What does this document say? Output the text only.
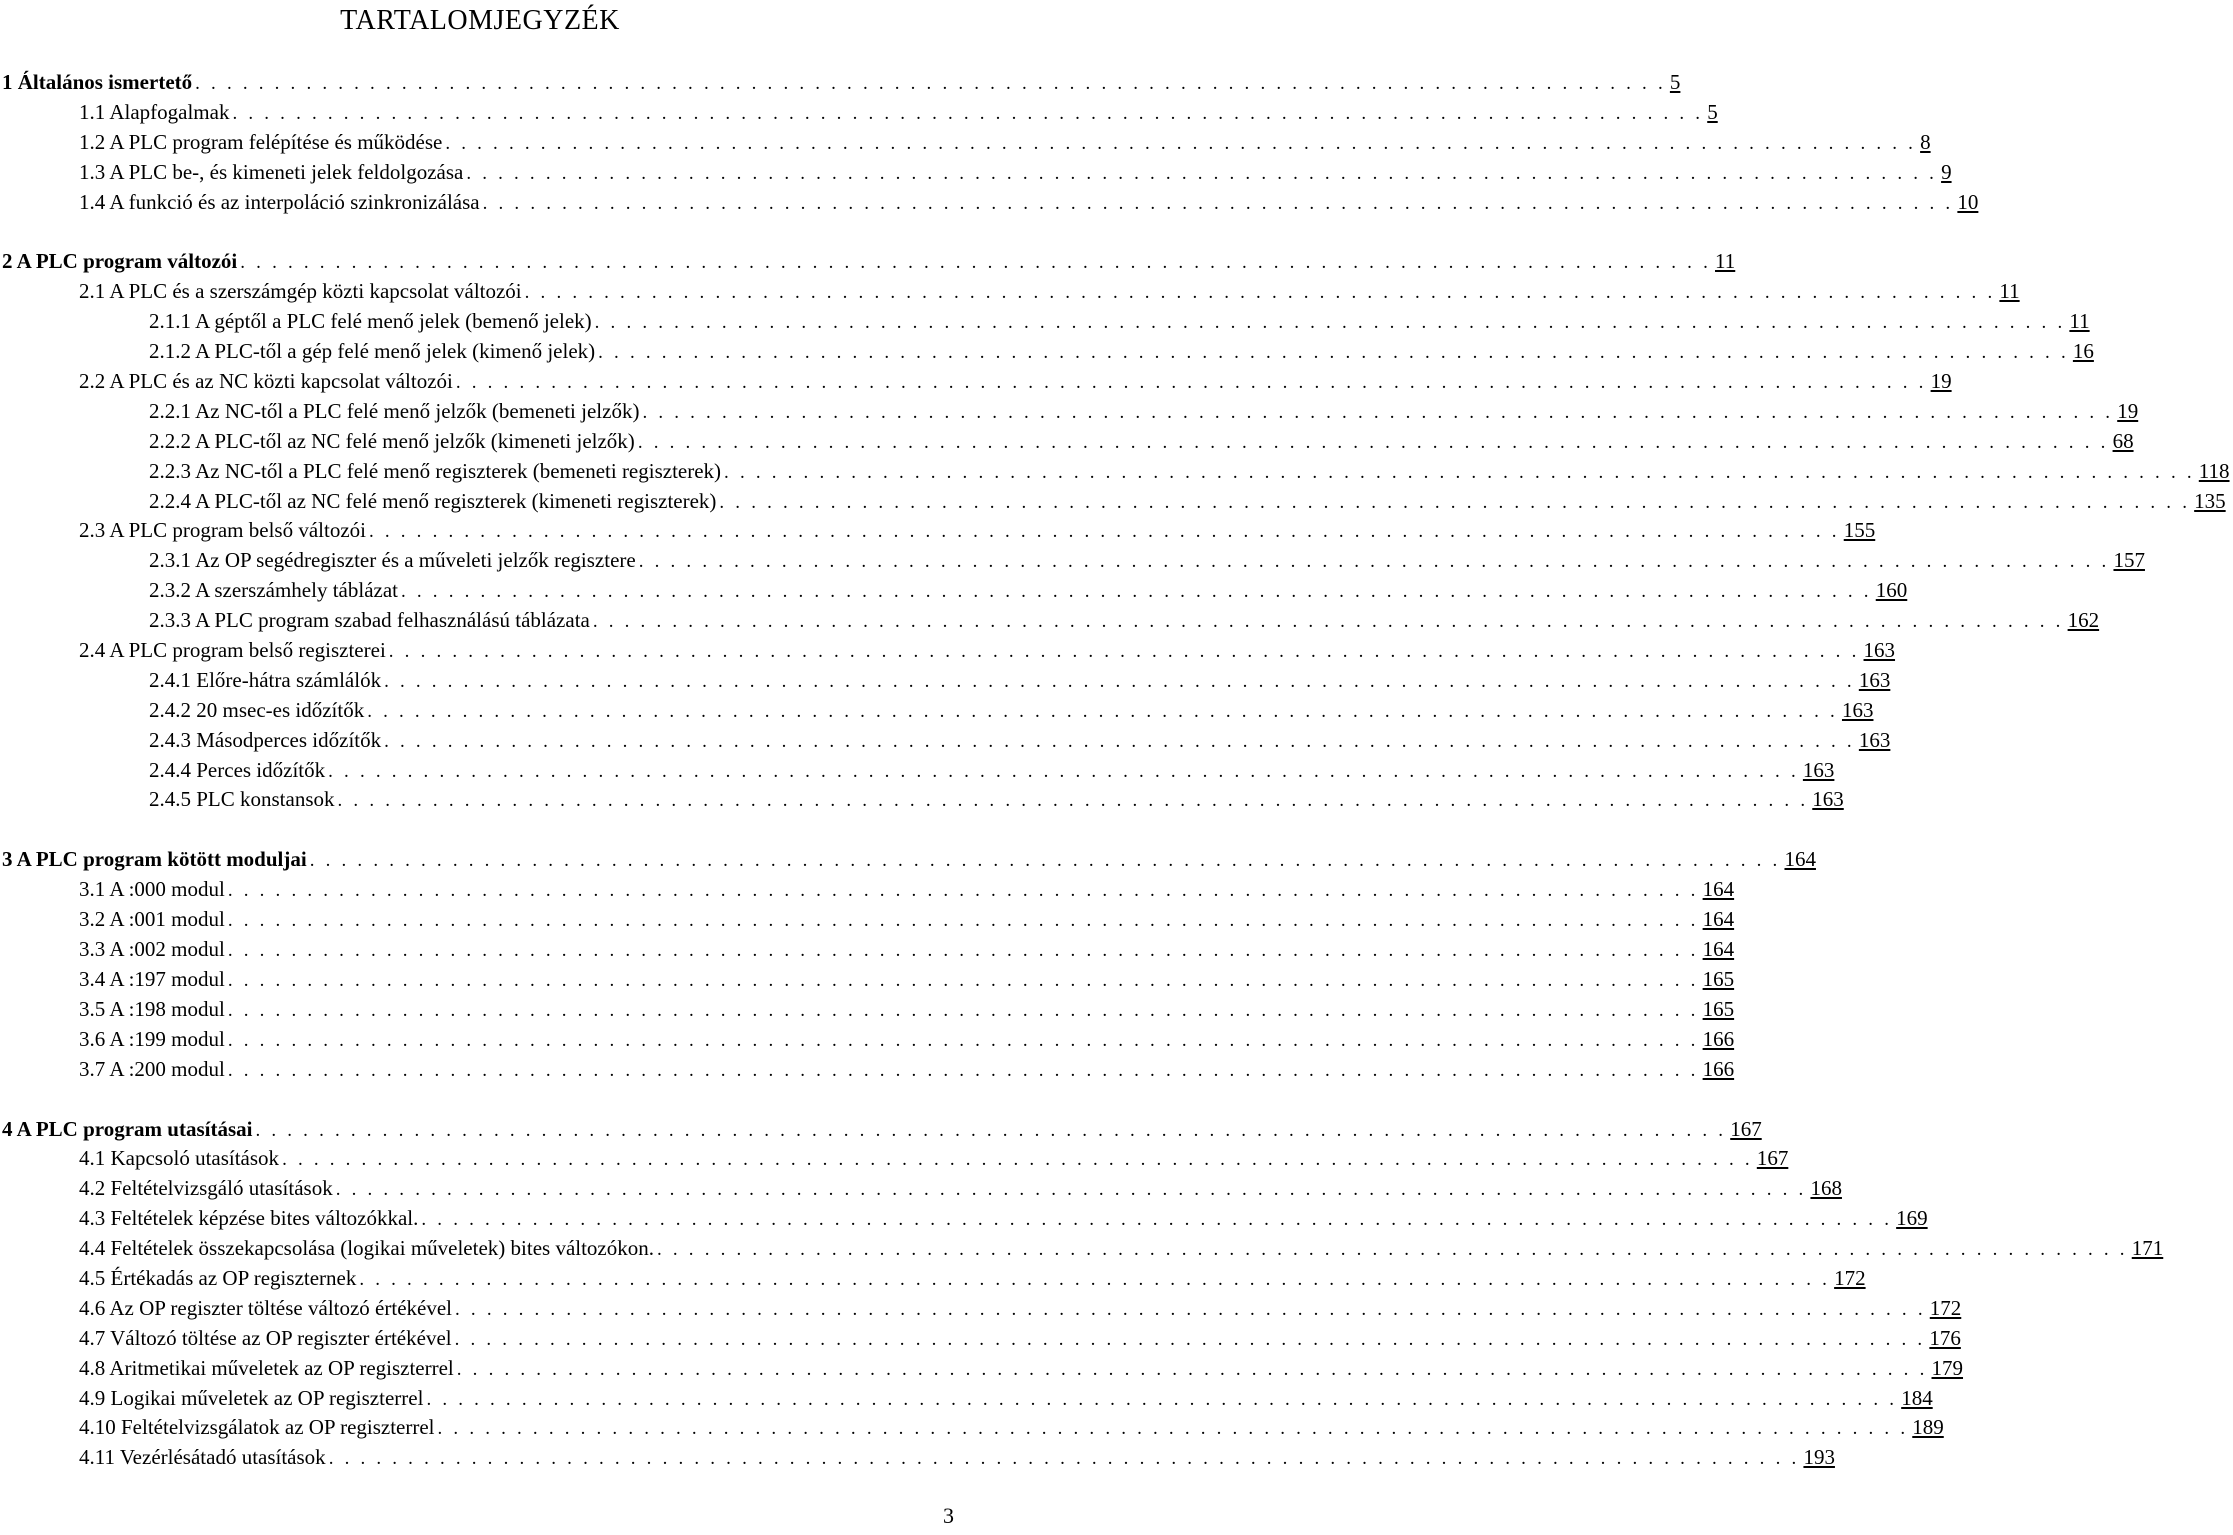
TARTALOMJEGYZÉK
1 Általános ismertető . . . . . . . . . . . . . . . . . . . . . . . . . . . . . . . . . . . . . . . . . . . . . . . . . . . . . . . . . . . . . . . . . . . . . . . . . . . . . . . . . . . . . . . . . . . . . 5
1.1 Alapfogalmak . . . . . . . . . . . . . . . . . . . . . . . . . . . . . . . . . . . . . . . . . . . . . . . . . . . . . . . . . . . . . . . . . . . . . . . . . . . . . . . . . . . . . . . . . . . . . 5
1.2 A PLC program felépítése és működése . . . . . . . . . . . . . . . . . . . . . . . . . . . . . . . . . . . . . . . . . . . . . . . . . . . . . . . . . . . . . . . . . . . . . . . . . . . . . . . . . . . . . . . . . . . . . 8
1.3 A PLC be-, és kimeneti jelek feldolgozása . . . . . . . . . . . . . . . . . . . . . . . . . . . . . . . . . . . . . . . . . . . . . . . . . . . . . . . . . . . . . . . . . . . . . . . . . . . . . . . . . . . . . . . . . . . . . 9
1.4 A funkció és az interpoláció szinkronizálása . . . . . . . . . . . . . . . . . . . . . . . . . . . . . . . . . . . . . . . . . . . . . . . . . . . . . . . . . . . . . . . . . . . . . . . . . . . . . . . . . . . . . . . . . . . . . 10
2 A PLC program változói . . . . . . . . . . . . . . . . . . . . . . . . . . . . . . . . . . . . . . . . . . . . . . . . . . . . . . . . . . . . . . . . . . . . . . . . . . . . . . . . . . . . . . . . . . . . . 11
2.1 A PLC és a szerszámgép közti kapcsolat változói . . . . . . . . . . . . . . . . . . . . . . . . . . . . . . . . . . . . . . . . . . . . . . . . . . . . . . . . . . . . . . . . . . . . . . . . . . . . . . . . . . . . . . . . . . . . . 11
2.1.1 A géptől a PLC felé menő jelek (bemenő jelek) . . . . . . . . . . . . . . . . . . . . . . . . . . . . . . . . . . . . . . . . . . . . . . . . . . . . . . . . . . . . . . . . . . . . . . . . . . . . . . . . . . . . . . . . . . . . . 11
2.1.2 A PLC-től a gép felé menő jelek (kimenő jelek) . . . . . . . . . . . . . . . . . . . . . . . . . . . . . . . . . . . . . . . . . . . . . . . . . . . . . . . . . . . . . . . . . . . . . . . . . . . . . . . . . . . . . . . . . . . . . 16
2.2 A PLC és az NC közti kapcsolat változói . . . . . . . . . . . . . . . . . . . . . . . . . . . . . . . . . . . . . . . . . . . . . . . . . . . . . . . . . . . . . . . . . . . . . . . . . . . . . . . . . . . . . . . . . . . . . 19
2.2.1 Az NC-től a PLC felé menő jelzők (bemeneti jelzők) . . . . . . . . . . . . . . . . . . . . . . . . . . . . . . . . . . . . . . . . . . . . . . . . . . . . . . . . . . . . . . . . . . . . . . . . . . . . . . . . . . . . . . . . . . . . . 19
2.2.2 A PLC-től az NC felé menő jelzők (kimeneti jelzők) . . . . . . . . . . . . . . . . . . . . . . . . . . . . . . . . . . . . . . . . . . . . . . . . . . . . . . . . . . . . . . . . . . . . . . . . . . . . . . . . . . . . . . . . . . . . . 68
2.2.3 Az NC-től a PLC felé menő regiszterek (bemeneti regiszterek) . . . . . . . . . . . . . . . . . . . . . . . . . . . . . . . . . . . . . . . . . . . . . . . . . . . . . . . . . . . . . . . . . . . . . . . . . . . . . . . . . . . . . . . . . . . . . 118
2.2.4 A PLC-től az NC felé menő regiszterek (kimeneti regiszterek) . . . . . . . . . . . . . . . . . . . . . . . . . . . . . . . . . . . . . . . . . . . . . . . . . . . . . . . . . . . . . . . . . . . . . . . . . . . . . . . . . . . . . . . . . . . . . 135
2.3 A PLC program belső változói . . . . . . . . . . . . . . . . . . . . . . . . . . . . . . . . . . . . . . . . . . . . . . . . . . . . . . . . . . . . . . . . . . . . . . . . . . . . . . . . . . . . . . . . . . . . . 155
2.3.1 Az OP segédregiszter és a műveleti jelzők regisztere . . . . . . . . . . . . . . . . . . . . . . . . . . . . . . . . . . . . . . . . . . . . . . . . . . . . . . . . . . . . . . . . . . . . . . . . . . . . . . . . . . . . . . . . . . . . . 157
2.3.2 A szerszámhely táblázat . . . . . . . . . . . . . . . . . . . . . . . . . . . . . . . . . . . . . . . . . . . . . . . . . . . . . . . . . . . . . . . . . . . . . . . . . . . . . . . . . . . . . . . . . . . . . 160
2.3.3 A PLC program szabad felhasználású táblázata . . . . . . . . . . . . . . . . . . . . . . . . . . . . . . . . . . . . . . . . . . . . . . . . . . . . . . . . . . . . . . . . . . . . . . . . . . . . . . . . . . . . . . . . . . . . . 162
2.4 A PLC program belső regiszterei . . . . . . . . . . . . . . . . . . . . . . . . . . . . . . . . . . . . . . . . . . . . . . . . . . . . . . . . . . . . . . . . . . . . . . . . . . . . . . . . . . . . . . . . . . . . . 163
2.4.1 Előre-hátra számlálók . . . . . . . . . . . . . . . . . . . . . . . . . . . . . . . . . . . . . . . . . . . . . . . . . . . . . . . . . . . . . . . . . . . . . . . . . . . . . . . . . . . . . . . . . . . . . 163
2.4.2 20 msec-es időzítők . . . . . . . . . . . . . . . . . . . . . . . . . . . . . . . . . . . . . . . . . . . . . . . . . . . . . . . . . . . . . . . . . . . . . . . . . . . . . . . . . . . . . . . . . . . . . 163
2.4.3 Másodperces időzítők . . . . . . . . . . . . . . . . . . . . . . . . . . . . . . . . . . . . . . . . . . . . . . . . . . . . . . . . . . . . . . . . . . . . . . . . . . . . . . . . . . . . . . . . . . . . . 163
2.4.4 Perces időzítők . . . . . . . . . . . . . . . . . . . . . . . . . . . . . . . . . . . . . . . . . . . . . . . . . . . . . . . . . . . . . . . . . . . . . . . . . . . . . . . . . . . . . . . . . . . . . 163
2.4.5 PLC konstansok . . . . . . . . . . . . . . . . . . . . . . . . . . . . . . . . . . . . . . . . . . . . . . . . . . . . . . . . . . . . . . . . . . . . . . . . . . . . . . . . . . . . . . . . . . . . . 163
3 A PLC program kötött moduljai . . . . . . . . . . . . . . . . . . . . . . . . . . . . . . . . . . . . . . . . . . . . . . . . . . . . . . . . . . . . . . . . . . . . . . . . . . . . . . . . . . . . . . . . . . . . . 164
3.1 A :000 modul . . . . . . . . . . . . . . . . . . . . . . . . . . . . . . . . . . . . . . . . . . . . . . . . . . . . . . . . . . . . . . . . . . . . . . . . . . . . . . . . . . . . . . . . . . . . . 164
3.2 A :001 modul . . . . . . . . . . . . . . . . . . . . . . . . . . . . . . . . . . . . . . . . . . . . . . . . . . . . . . . . . . . . . . . . . . . . . . . . . . . . . . . . . . . . . . . . . . . . . 164
3.3 A :002 modul . . . . . . . . . . . . . . . . . . . . . . . . . . . . . . . . . . . . . . . . . . . . . . . . . . . . . . . . . . . . . . . . . . . . . . . . . . . . . . . . . . . . . . . . . . . . . 164
3.4 A :197 modul . . . . . . . . . . . . . . . . . . . . . . . . . . . . . . . . . . . . . . . . . . . . . . . . . . . . . . . . . . . . . . . . . . . . . . . . . . . . . . . . . . . . . . . . . . . . . 165
3.5 A :198 modul . . . . . . . . . . . . . . . . . . . . . . . . . . . . . . . . . . . . . . . . . . . . . . . . . . . . . . . . . . . . . . . . . . . . . . . . . . . . . . . . . . . . . . . . . . . . . 165
3.6 A :199 modul . . . . . . . . . . . . . . . . . . . . . . . . . . . . . . . . . . . . . . . . . . . . . . . . . . . . . . . . . . . . . . . . . . . . . . . . . . . . . . . . . . . . . . . . . . . . . 166
3.7 A :200 modul . . . . . . . . . . . . . . . . . . . . . . . . . . . . . . . . . . . . . . . . . . . . . . . . . . . . . . . . . . . . . . . . . . . . . . . . . . . . . . . . . . . . . . . . . . . . . 166
4 A PLC program utasításai . . . . . . . . . . . . . . . . . . . . . . . . . . . . . . . . . . . . . . . . . . . . . . . . . . . . . . . . . . . . . . . . . . . . . . . . . . . . . . . . . . . . . . . . . . . . . 167
4.1 Kapcsoló utasítások . . . . . . . . . . . . . . . . . . . . . . . . . . . . . . . . . . . . . . . . . . . . . . . . . . . . . . . . . . . . . . . . . . . . . . . . . . . . . . . . . . . . . . . . . . . . . 167
4.2 Feltételvizsgáló utasítások . . . . . . . . . . . . . . . . . . . . . . . . . . . . . . . . . . . . . . . . . . . . . . . . . . . . . . . . . . . . . . . . . . . . . . . . . . . . . . . . . . . . . . . . . . . . . 168
4.3 Feltételek képzése bites változókkal. . . . . . . . . . . . . . . . . . . . . . . . . . . . . . . . . . . . . . . . . . . . . . . . . . . . . . . . . . . . . . . . . . . . . . . . . . . . . . . . . . . . . . . . . . . . . . 169
4.4 Feltételek összekapcsolása (logikai műveletek) bites változókon. . . . . . . . . . . . . . . . . . . . . . . . . . . . . . . . . . . . . . . . . . . . . . . . . . . . . . . . . . . . . . . . . . . . . . . . . . . . . . . . . . . . . . . . . . . . . . 171
4.5 Értékadás az OP regiszternek . . . . . . . . . . . . . . . . . . . . . . . . . . . . . . . . . . . . . . . . . . . . . . . . . . . . . . . . . . . . . . . . . . . . . . . . . . . . . . . . . . . . . . . . . . . . . 172
4.6 Az OP regiszter töltése változó értékével . . . . . . . . . . . . . . . . . . . . . . . . . . . . . . . . . . . . . . . . . . . . . . . . . . . . . . . . . . . . . . . . . . . . . . . . . . . . . . . . . . . . . . . . . . . . . 172
4.7 Változó töltése az OP regiszter értékével . . . . . . . . . . . . . . . . . . . . . . . . . . . . . . . . . . . . . . . . . . . . . . . . . . . . . . . . . . . . . . . . . . . . . . . . . . . . . . . . . . . . . . . . . . . . . 176
4.8 Aritmetikai műveletek az OP regiszterrel . . . . . . . . . . . . . . . . . . . . . . . . . . . . . . . . . . . . . . . . . . . . . . . . . . . . . . . . . . . . . . . . . . . . . . . . . . . . . . . . . . . . . . . . . . . . . 179
4.9 Logikai műveletek az OP regiszterrel . . . . . . . . . . . . . . . . . . . . . . . . . . . . . . . . . . . . . . . . . . . . . . . . . . . . . . . . . . . . . . . . . . . . . . . . . . . . . . . . . . . . . . . . . . . . . 184
4.10 Feltételvizsgálatok az OP regiszterrel . . . . . . . . . . . . . . . . . . . . . . . . . . . . . . . . . . . . . . . . . . . . . . . . . . . . . . . . . . . . . . . . . . . . . . . . . . . . . . . . . . . . . . . . . . . . . 189
4.11 Vezérlésátadó utasítások . . . . . . . . . . . . . . . . . . . . . . . . . . . . . . . . . . . . . . . . . . . . . . . . . . . . . . . . . . . . . . . . . . . . . . . . . . . . . . . . . . . . . . . . . . . . . 193
3
